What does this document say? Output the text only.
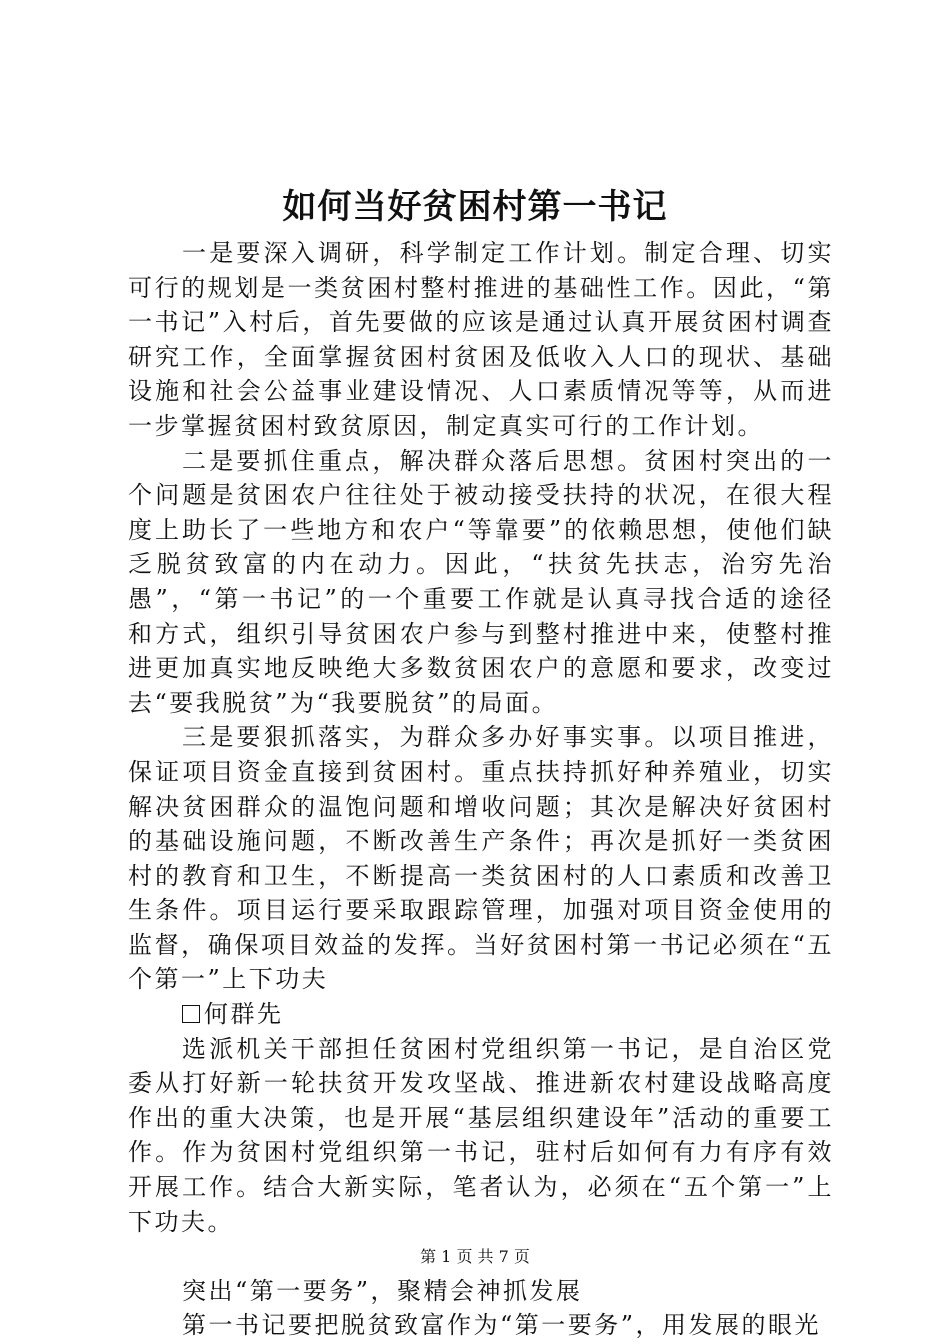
如何当好贫困村第一书记

一是要深入调研，科学制定工作计划。制定合理、切实可行的规划是一类贫困村整村推进的基础性工作。因此，“第一书记”入村后，首先要做的应该是通过认真开展贫困村调查研究工作，全面掌握贫困村贫困及低收入人口的现状、基础设施和社会公益事业建设情况、人口素质情况等等，从而进一步掌握贫困村致贫原因，制定真实可行的工作计划。

二是要抓住重点，解决群众落后思想。贫困村突出的一个问题是贫困农户往往处于被动接受扶持的状况，在很大程度上助长了一些地方和农户“等靠要”的依赖思想，使他们缺乏脱贫致富的内在动力。因此，“扶贫先扶志，治穷先治愚”，“第一书记”的一个重要工作就是认真寻找合适的途径和方式，组织引导贫困农户参与到整村推进中来，使整村推进更加真实地反映绝大多数贫困农户的意愿和要求，改变过去“要我脱贫”为“我要脱贫”的局面。

三是要狠抓落实，为群众多办好事实事。以项目推进，保证项目资金直接到贫困村。重点扶持抓好种养殖业，切实解决贫困群众的温饱问题和增收问题；其次是解决好贫困村的基础设施问题，不断改善生产条件；再次是抓好一类贫困村的教育和卫生，不断提高一类贫困村的人口素质和改善卫生条件。项目运行要采取跟踪管理，加强对项目资金使用的监督，确保项目效益的发挥。当好贫困村第一书记必须在“五个第一”上下功夫

何群先

选派机关干部担任贫困村党组织第一书记，是自治区党委从打好新一轮扶贫开发攻坚战、推进新农村建设战略高度作出的重大决策，也是开展“基层组织建设年”活动的重要工作。作为贫困村党组织第一书记，驻村后如何有力有序有效开展工作。结合大新实际，笔者认为，必须在“五个第一”上下功夫。

突出“第一要务”，聚精会神抓发展

第一书记要把脱贫致富作为“第一要务”，用发展的眼光

第 1 页 共 7 页
